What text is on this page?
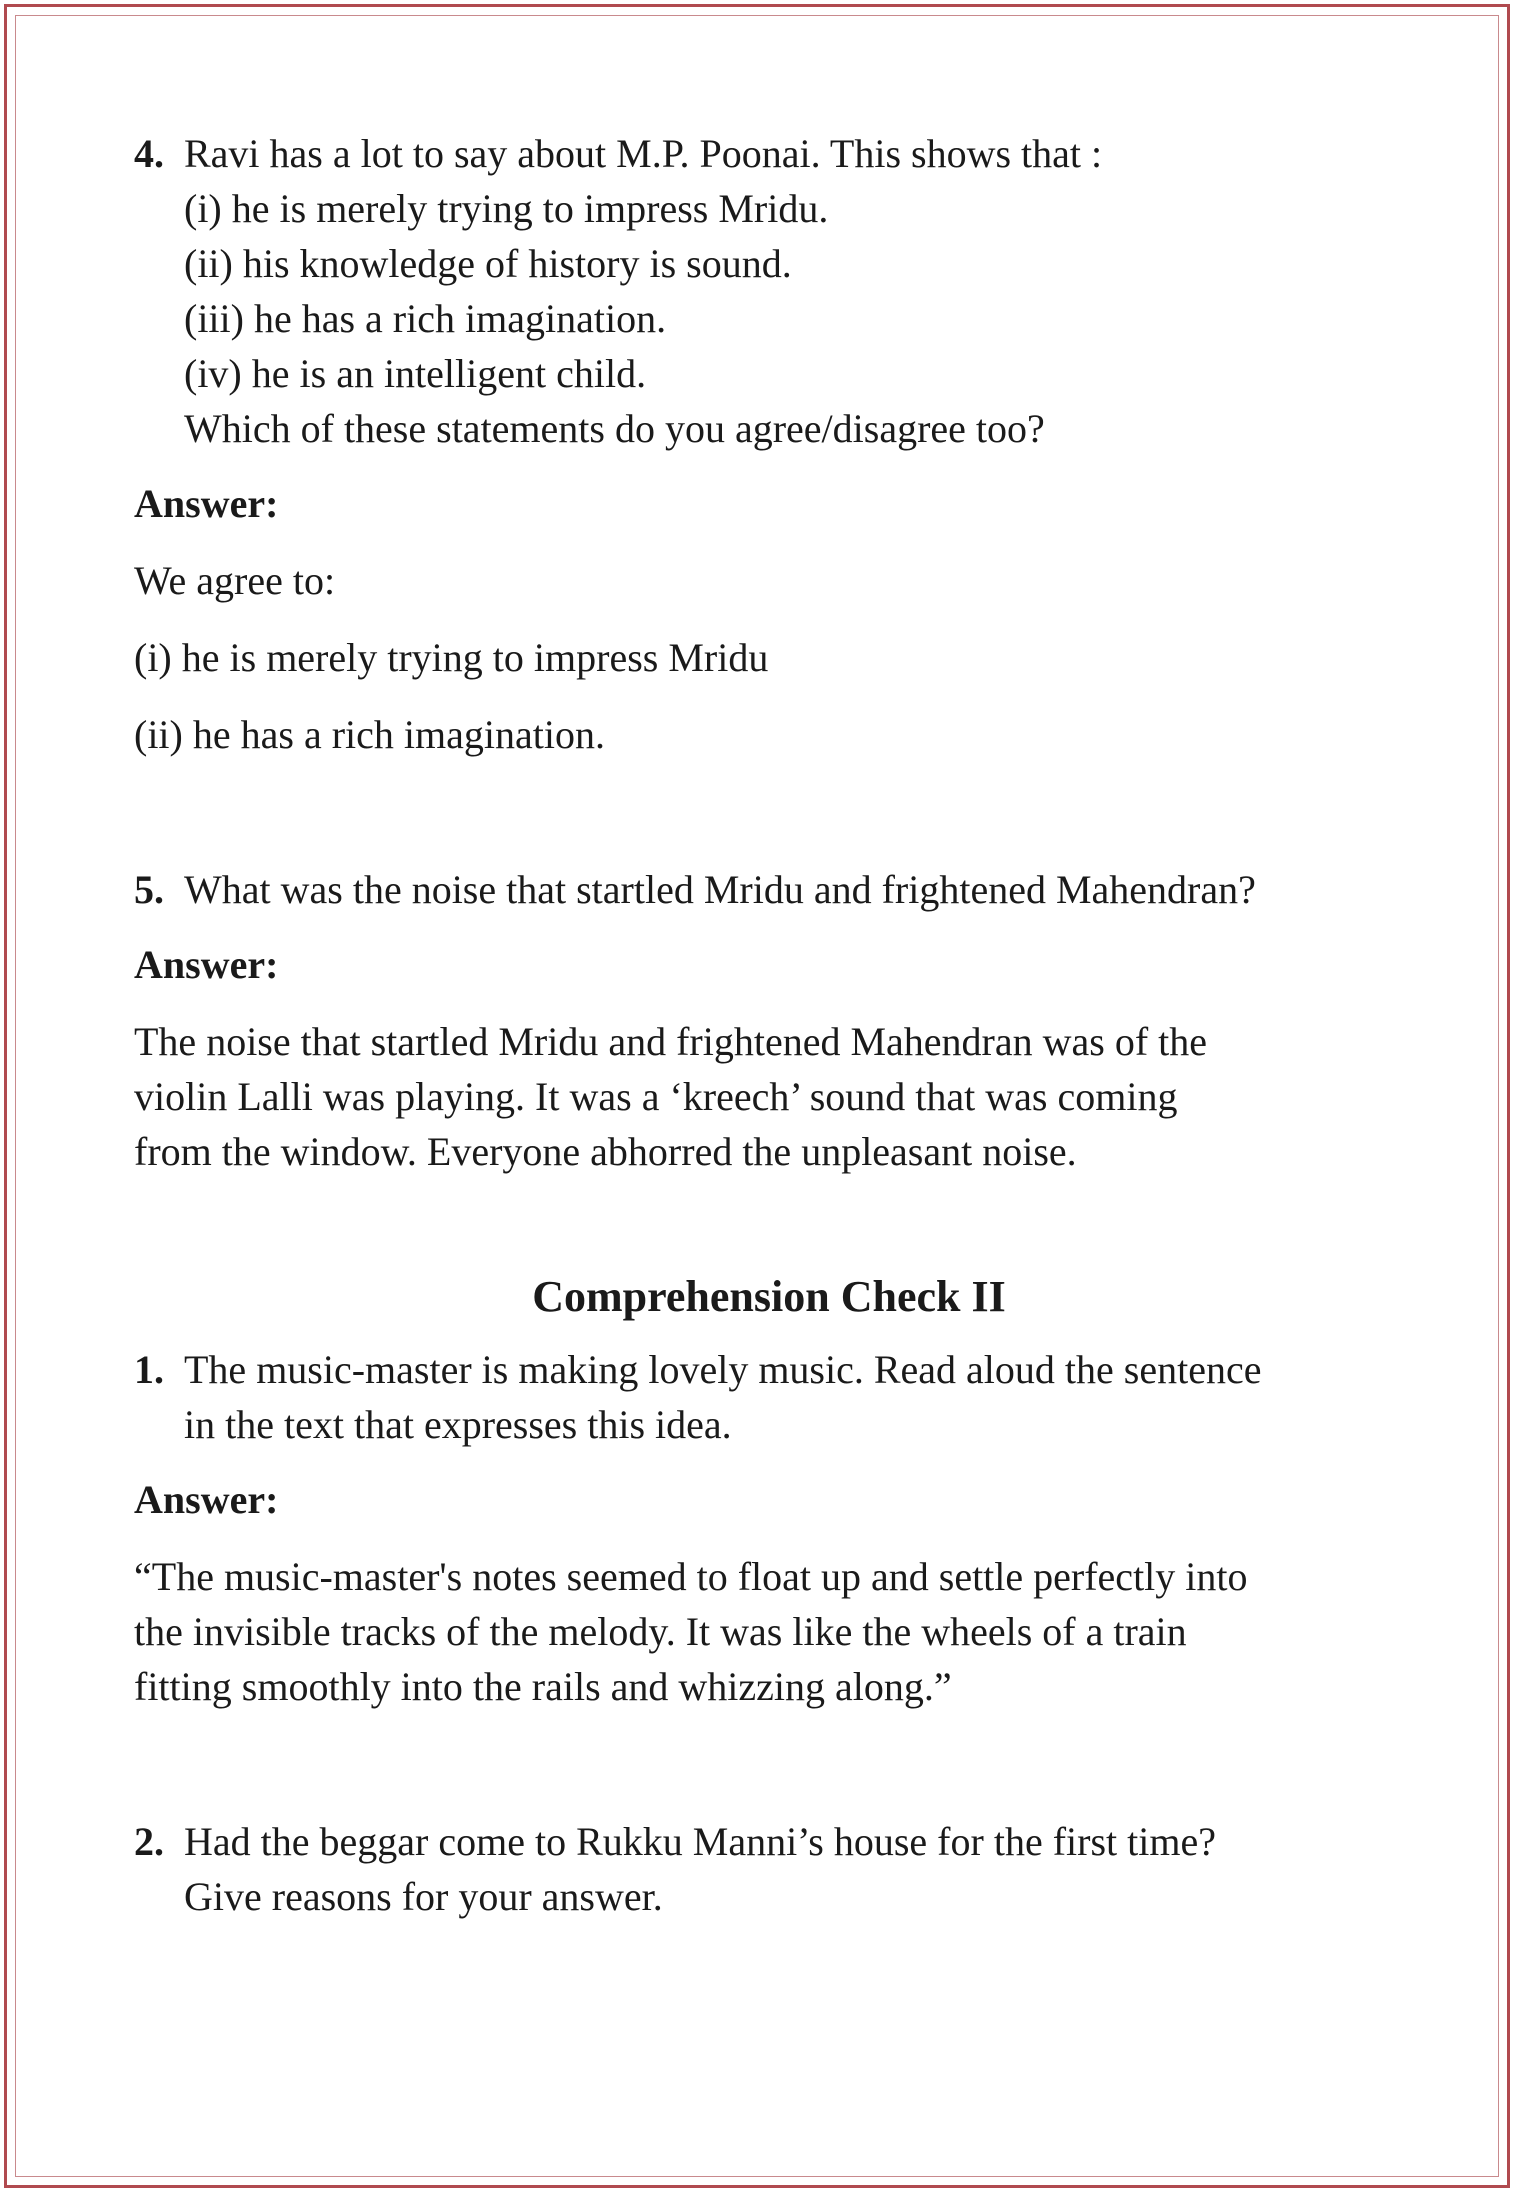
4. Ravi has a lot to say about M.P. Poonai. This shows that :
(i) he is merely trying to impress Mridu.
(ii) his knowledge of history is sound.
(iii) he has a rich imagination.
(iv) he is an intelligent child.
Which of these statements do you agree/disagree too?
Answer:
We agree to:
(i) he is merely trying to impress Mridu
(ii) he has a rich imagination.
5. What was the noise that startled Mridu and frightened Mahendran?
Answer:
The noise that startled Mridu and frightened Mahendran was of the
violin Lalli was playing. It was a ‘kreech’ sound that was coming
from the window. Everyone abhorred the unpleasant noise.
Comprehension Check II
1. The music-master is making lovely music. Read aloud the sentence
in the text that expresses this idea.
Answer:
“The music-master's notes seemed to float up and settle perfectly into
the invisible tracks of the melody. It was like the wheels of a train
fitting smoothly into the rails and whizzing along.”
2. Had the beggar come to Rukku Manni’s house for the first time?
Give reasons for your answer.
